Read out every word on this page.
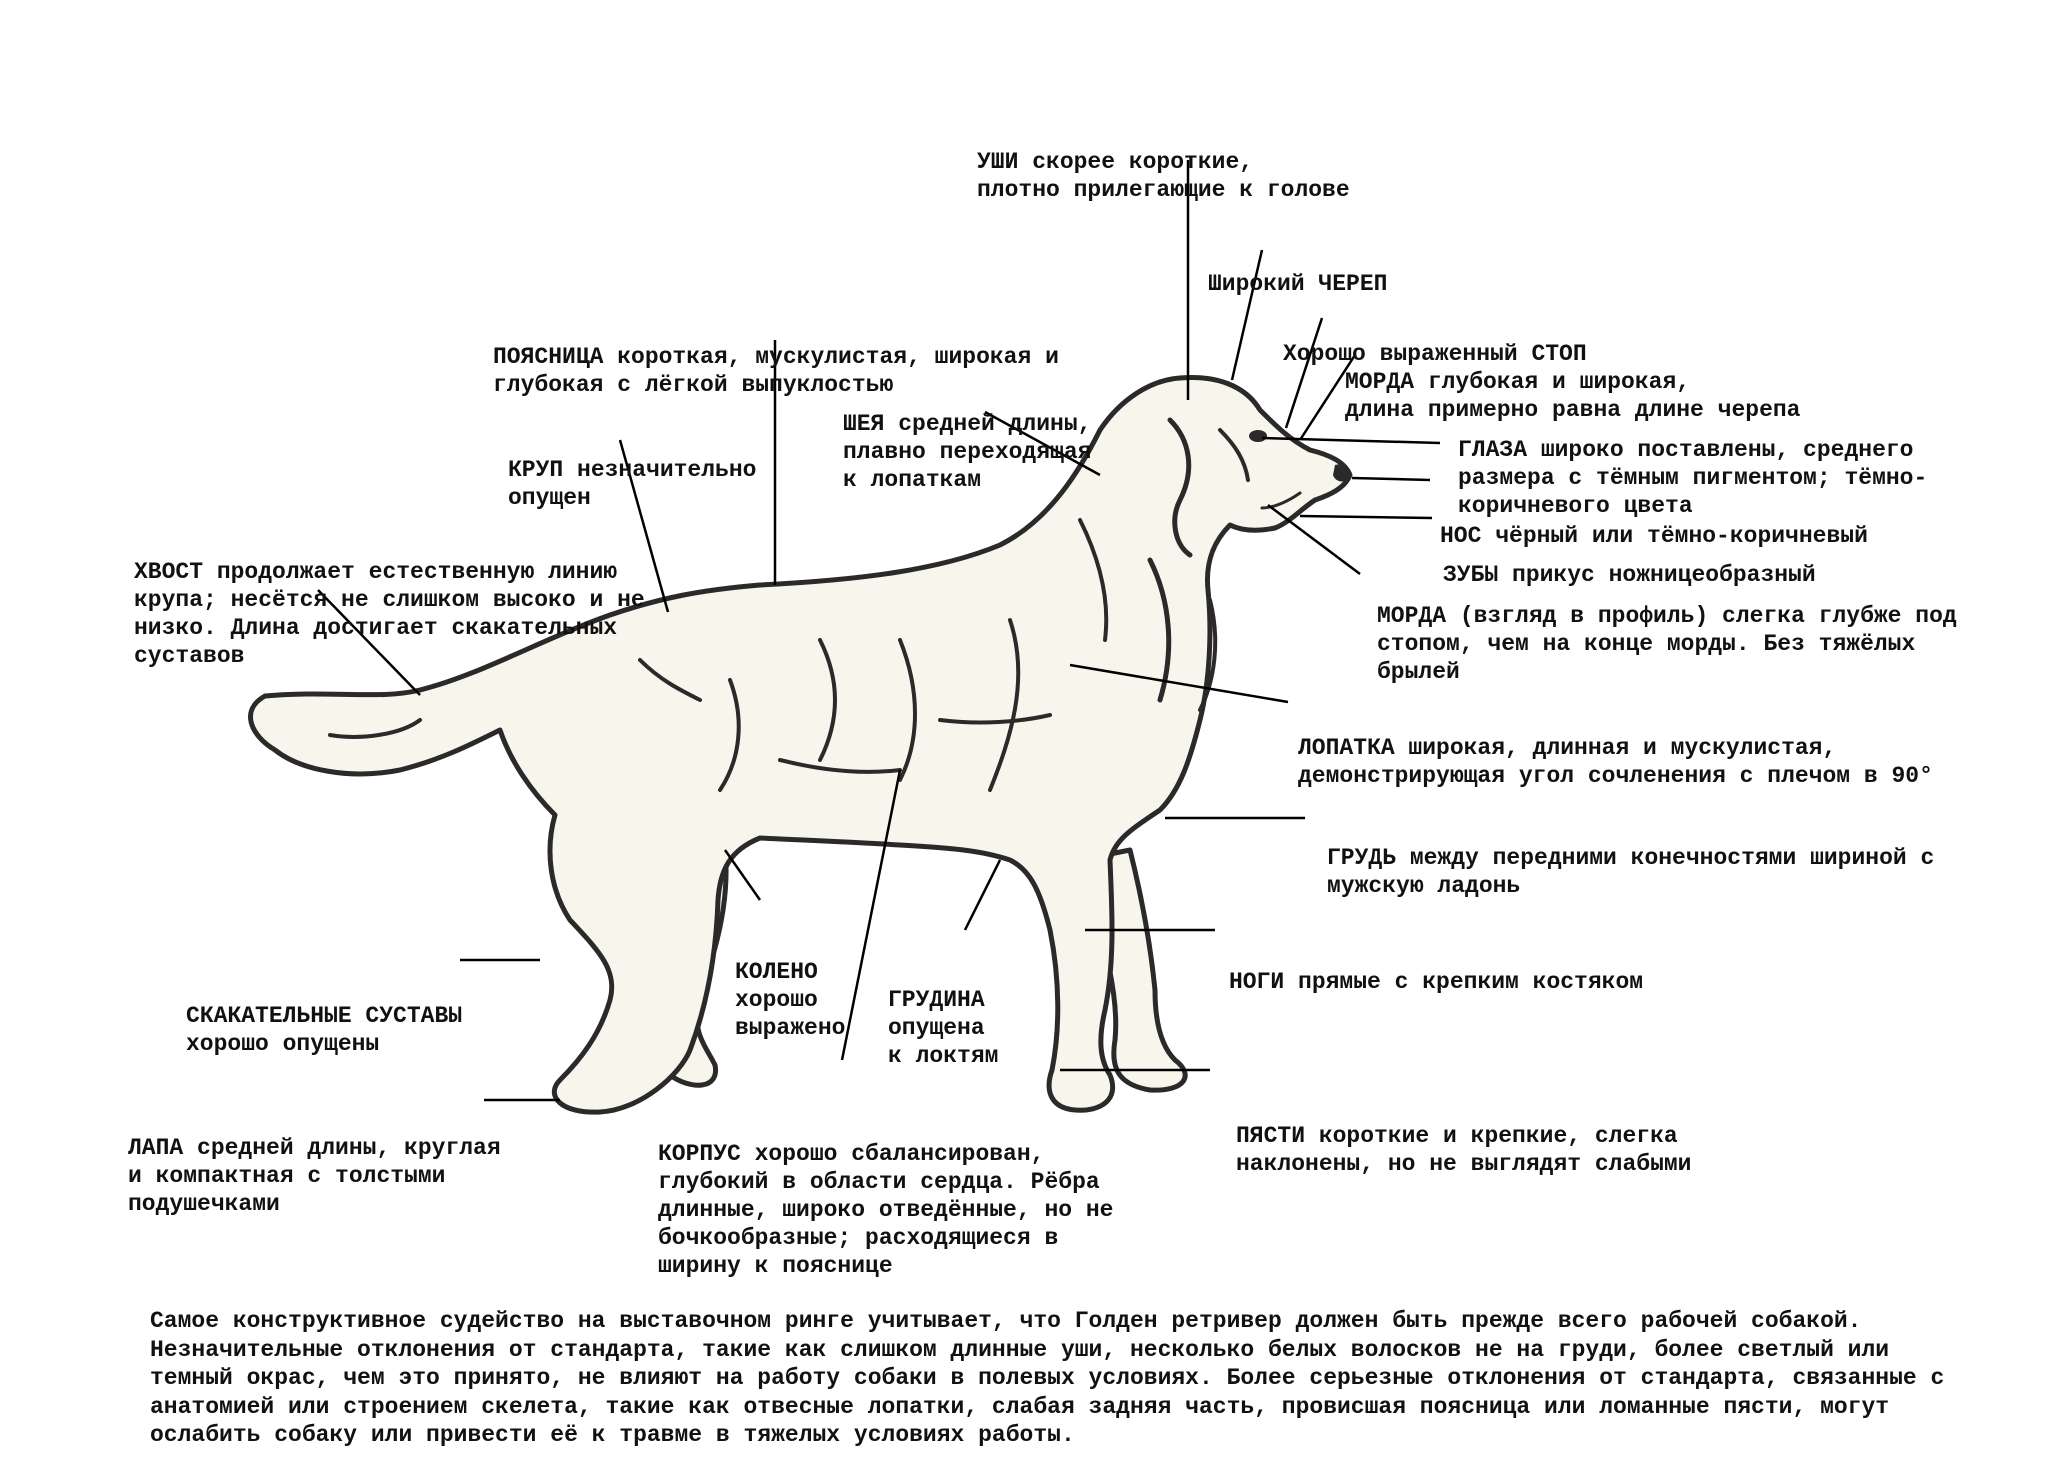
УШИ скорее короткие,
плотно прилегающие к голове

Широкий ЧЕРЕП

Хорошо выраженный СТОП

МОРДА глубокая и широкая,
длина примерно равна длине черепа

ПОЯСНИЦА короткая, мускулистая, широкая и
глубокая с лёгкой выпуклостью

ШЕЯ средней длины,
плавно переходящая
к лопаткам

КРУП незначительно
опущен

ГЛАЗА широко поставлены, среднего
размера с тёмным пигментом; тёмно-
коричневого цвета

НОС чёрный или тёмно-коричневый

ЗУБЫ прикус ножницеобразный

ХВОСТ продолжает естественную линию
крупа; несётся не слишком высоко и не
низко. Длина достигает скакательных
суставов

МОРДА (взгляд в профиль) слегка глубже под
стопом, чем на конце морды. Без тяжёлых
брылей

ЛОПАТКА широкая, длинная и мускулистая,
демонстрирующая угол сочленения с плечом в 90°

ГРУДЬ между передними конечностями шириной с
мужскую ладонь

КОЛЕНО
хорошо
выражено

ГРУДИНА
опущена
к локтям

НОГИ прямые с крепким костяком

СКАКАТЕЛЬНЫЕ СУСТАВЫ
хорошо опущены

ЛАПА средней длины, круглая
и компактная с толстыми
подушечками

КОРПУС хорошо сбалансирован,
глубокий в области сердца. Рёбра
длинные, широко отведённые, но не
бочкообразные; расходящиеся в
ширину к пояснице

ПЯСТИ короткие и крепкие, слегка
наклонены, но не выглядят слабыми

Самое конструктивное судейство на выставочном ринге учитывает, что Голден ретривер должен быть прежде всего рабочей собакой.
Незначительные отклонения от стандарта, такие как слишком длинные уши, несколько белых волосков не на груди, более светлый или
темный окрас, чем это принято, не влияют на работу собаки в полевых условиях. Более серьезные отклонения от стандарта, связанные с
анатомией или строением скелета, такие как отвесные лопатки, слабая задняя часть, провисшая поясница или ломанные пясти, могут
ослабить собаку или привести её к травме в тяжелых условиях работы.
